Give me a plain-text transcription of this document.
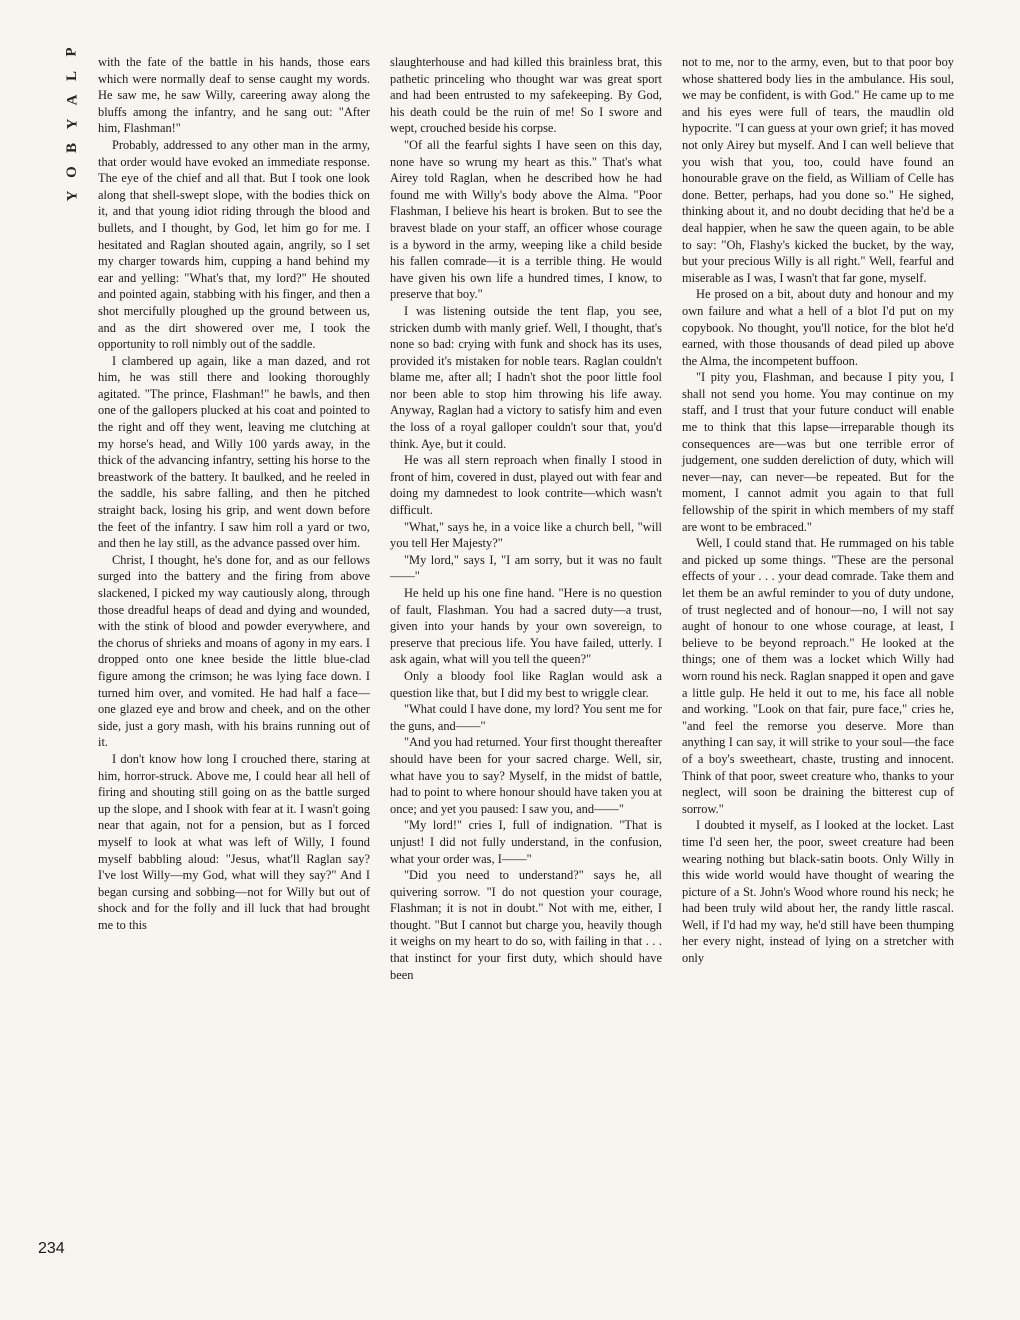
P
L
A
Y
B
O
Y
234

with the fate of the battle in his hands, those ears which were normally deaf to sense caught my words. He saw me, he saw Willy, careering away along the bluffs among the infantry, and he sang out: "After him, Flashman!"

Probably, addressed to any other man in the army, that order would have evoked an immediate response. The eye of the chief and all that. But I took one look along that shell-swept slope, with the bodies thick on it, and that young idiot riding through the blood and bullets, and I thought, by God, let him go for me. I hesitated and Raglan shouted again, angrily, so I set my charger towards him, cupping a hand behind my ear and yelling: "What's that, my lord?" He shouted and pointed again, stabbing with his finger, and then a shot mercifully ploughed up the ground between us, and as the dirt showered over me, I took the opportunity to roll nimbly out of the saddle.

I clambered up again, like a man dazed, and rot him, he was still there and looking thoroughly agitated. "The prince, Flashman!" he bawls, and then one of the gallopers plucked at his coat and pointed to the right and off they went, leaving me clutching at my horse's head, and Willy 100 yards away, in the thick of the advancing infantry, setting his horse to the breastwork of the battery. It baulked, and he reeled in the saddle, his sabre falling, and then he pitched straight back, losing his grip, and went down before the feet of the infantry. I saw him roll a yard or two, and then he lay still, as the advance passed over him.

Christ, I thought, he's done for, and as our fellows surged into the battery and the firing from above slackened, I picked my way cautiously along, through those dreadful heaps of dead and dying and wounded, with the stink of blood and powder everywhere, and the chorus of shrieks and moans of agony in my ears. I dropped onto one knee beside the little blue-clad figure among the crimson; he was lying face down. I turned him over, and vomited. He had half a face—one glazed eye and brow and cheek, and on the other side, just a gory mash, with his brains running out of it.

I don't know how long I crouched there, staring at him, horror-struck. Above me, I could hear all hell of firing and shouting still going on as the battle surged up the slope, and I shook with fear at it. I wasn't going near that again, not for a pension, but as I forced myself to look at what was left of Willy, I found myself babbling aloud: "Jesus, what'll Raglan say? I've lost Willy—my God, what will they say?" And I began cursing and sobbing—not for Willy but out of shock and for the folly and ill luck that had brought me to this

slaughterhouse and had killed this brainless brat, this pathetic princeling who thought war was great sport and had been entrusted to my safekeeping. By God, his death could be the ruin of me! So I swore and wept, crouched beside his corpse.

"Of all the fearful sights I have seen on this day, none have so wrung my heart as this." That's what Airey told Raglan, when he described how he had found me with Willy's body above the Alma. "Poor Flashman, I believe his heart is broken. But to see the bravest blade on your staff, an officer whose courage is a byword in the army, weeping like a child beside his fallen comrade—it is a terrible thing. He would have given his own life a hundred times, I know, to preserve that boy."

I was listening outside the tent flap, you see, stricken dumb with manly grief. Well, I thought, that's none so bad: crying with funk and shock has its uses, provided it's mistaken for noble tears. Raglan couldn't blame me, after all; I hadn't shot the poor little fool nor been able to stop him throwing his life away. Anyway, Raglan had a victory to satisfy him and even the loss of a royal galloper couldn't sour that, you'd think. Aye, but it could.

He was all stern reproach when finally I stood in front of him, covered in dust, played out with fear and doing my damnedest to look contrite—which wasn't difficult.

"What," says he, in a voice like a church bell, "will you tell Her Majesty?"

"My lord," says I, "I am sorry, but it was no fault——"

He held up his one fine hand. "Here is no question of fault, Flashman. You had a sacred duty—a trust, given into your hands by your own sovereign, to preserve that precious life. You have failed, utterly. I ask again, what will you tell the queen?"

Only a bloody fool like Raglan would ask a question like that, but I did my best to wriggle clear.

"What could I have done, my lord? You sent me for the guns, and——"

"And you had returned. Your first thought thereafter should have been for your sacred charge. Well, sir, what have you to say? Myself, in the midst of battle, had to point to where honour should have taken you at once; and yet you paused: I saw you, and——"

"My lord!" cries I, full of indignation. "That is unjust! I did not fully understand, in the confusion, what your order was, I——"

"Did you need to understand?" says he, all quivering sorrow. "I do not question your courage, Flashman; it is not in doubt." Not with me, either, I thought. "But I cannot but charge you, heavily though it weighs on my heart to do so, with failing in that . . . that instinct for your first duty, which should have been

not to me, nor to the army, even, but to that poor boy whose shattered body lies in the ambulance. His soul, we may be confident, is with God." He came up to me and his eyes were full of tears, the maudlin old hypocrite. "I can guess at your own grief; it has moved not only Airey but myself. And I can well believe that you wish that you, too, could have found an honourable grave on the field, as William of Celle has done. Better, perhaps, had you done so." He sighed, thinking about it, and no doubt deciding that he'd be a deal happier, when he saw the queen again, to be able to say: "Oh, Flashy's kicked the bucket, by the way, but your precious Willy is all right." Well, fearful and miserable as I was, I wasn't that far gone, myself.

He prosed on a bit, about duty and honour and my own failure and what a hell of a blot I'd put on my copybook. No thought, you'll notice, for the blot he'd earned, with those thousands of dead piled up above the Alma, the incompetent buffoon.

"I pity you, Flashman, and because I pity you, I shall not send you home. You may continue on my staff, and I trust that your future conduct will enable me to think that this lapse—irreparable though its consequences are—was but one terrible error of judgement, one sudden dereliction of duty, which will never—nay, can never—be repeated. But for the moment, I cannot admit you again to that full fellowship of the spirit in which members of my staff are wont to be embraced."

Well, I could stand that. He rummaged on his table and picked up some things. "These are the personal effects of your . . . your dead comrade. Take them and let them be an awful reminder to you of duty undone, of trust neglected and of honour—no, I will not say aught of honour to one whose courage, at least, I believe to be beyond reproach." He looked at the things; one of them was a locket which Willy had worn round his neck. Raglan snapped it open and gave a little gulp. He held it out to me, his face all noble and working. "Look on that fair, pure face," cries he, "and feel the remorse you deserve. More than anything I can say, it will strike to your soul—the face of a boy's sweetheart, chaste, trusting and innocent. Think of that poor, sweet creature who, thanks to your neglect, will soon be draining the bitterest cup of sorrow."

I doubted it myself, as I looked at the locket. Last time I'd seen her, the poor, sweet creature had been wearing nothing but black-satin boots. Only Willy in this wide world would have thought of wearing the picture of a St. John's Wood whore round his neck; he had been truly wild about her, the randy little rascal. Well, if I'd had my way, he'd still have been thumping her every night, instead of lying on a stretcher with only
